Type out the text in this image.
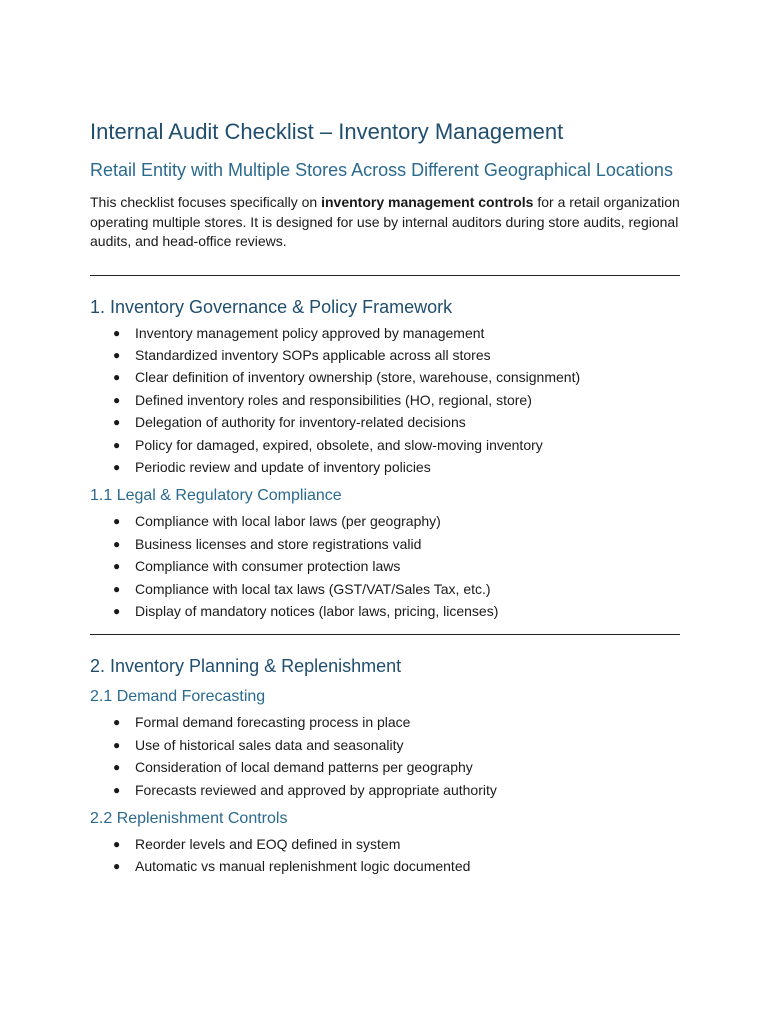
Internal Audit Checklist – Inventory Management
Retail Entity with Multiple Stores Across Different Geographical Locations

This checklist focuses specifically on inventory management controls for a retail organization operating multiple stores. It is designed for use by internal auditors during store audits, regional audits, and head-office reviews.

1. Inventory Governance & Policy Framework
● Inventory management policy approved by management
● Standardized inventory SOPs applicable across all stores
● Clear definition of inventory ownership (store, warehouse, consignment)
● Defined inventory roles and responsibilities (HO, regional, store)
● Delegation of authority for inventory-related decisions
● Policy for damaged, expired, obsolete, and slow-moving inventory
● Periodic review and update of inventory policies
1.1 Legal & Regulatory Compliance
● Compliance with local labor laws (per geography)
● Business licenses and store registrations valid
● Compliance with consumer protection laws
● Compliance with local tax laws (GST/VAT/Sales Tax, etc.)
● Display of mandatory notices (labor laws, pricing, licenses)
2. Inventory Planning & Replenishment
2.1 Demand Forecasting
● Formal demand forecasting process in place
● Use of historical sales data and seasonality
● Consideration of local demand patterns per geography
● Forecasts reviewed and approved by appropriate authority
2.2 Replenishment Controls
● Reorder levels and EOQ defined in system
● Automatic vs manual replenishment logic documented
